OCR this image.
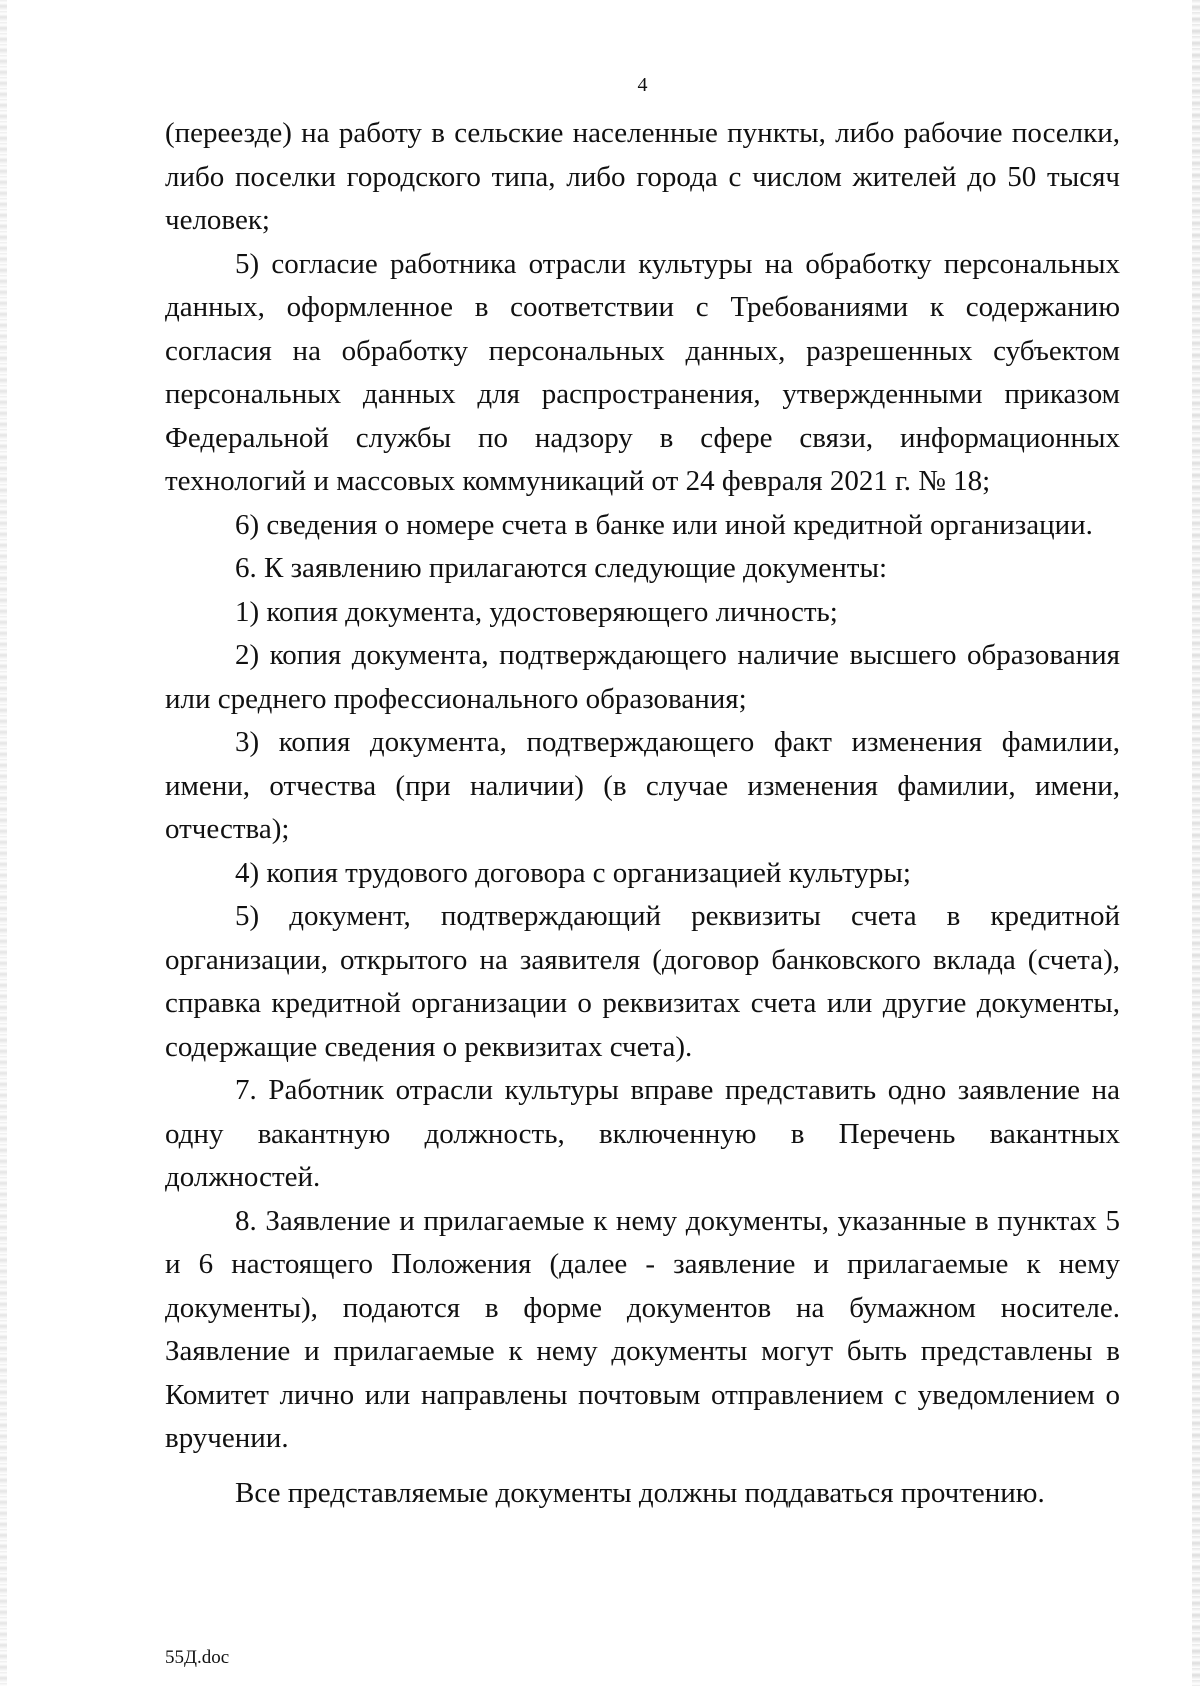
4

(переезде) на работу в сельские населенные пункты, либо рабочие поселки, либо поселки городского типа, либо города с числом жителей до 50 тысяч человек;

5) согласие работника отрасли культуры на обработку персональных данных, оформленное в соответствии с Требованиями к содержанию согласия на обработку персональных данных, разрешенных субъектом персональных данных для распространения, утвержденными приказом Федеральной службы по надзору в сфере связи, информационных технологий и массовых коммуникаций от 24 февраля 2021 г. № 18;

6) сведения о номере счета в банке или иной кредитной организации.

6. К заявлению прилагаются следующие документы:

1) копия документа, удостоверяющего личность;

2) копия документа, подтверждающего наличие высшего образования или среднего профессионального образования;

3) копия документа, подтверждающего факт изменения фамилии, имени, отчества (при наличии) (в случае изменения фамилии, имени, отчества);

4) копия трудового договора с организацией культуры;

5) документ, подтверждающий реквизиты счета в кредитной организации, открытого на заявителя (договор банковского вклада (счета), справка кредитной организации о реквизитах счета или другие документы, содержащие сведения о реквизитах счета).

7. Работник отрасли культуры вправе представить одно заявление на одну вакантную должность, включенную в Перечень вакантных должностей.

8. Заявление и прилагаемые к нему документы, указанные в пунктах 5 и 6 настоящего Положения (далее - заявление и прилагаемые к нему документы), подаются в форме документов на бумажном носителе. Заявление и прилагаемые к нему документы могут быть представлены в Комитет лично или направлены почтовым отправлением с уведомлением о вручении.

Все представляемые документы должны поддаваться прочтению.

55Д.doc
